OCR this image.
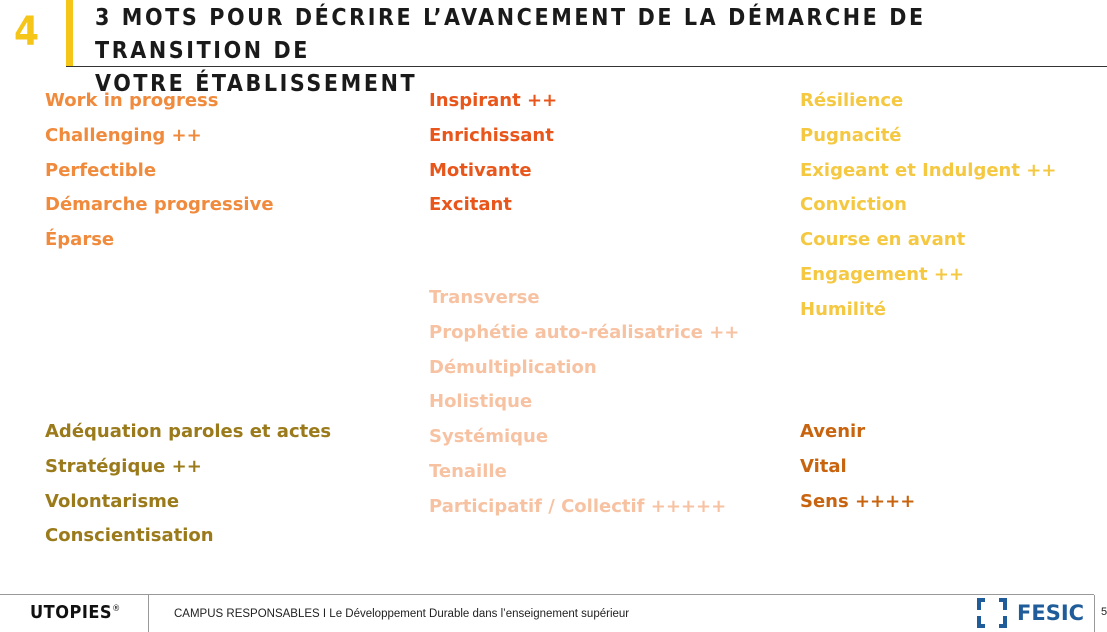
4 3 MOTS POUR DÉCRIRE L’AVANCEMENT DE LA DÉMARCHE DE TRANSITION DE
VOTRE ÉTABLISSEMENT
Work in progress
Challenging ++
Perfectible
Démarche progressive
Éparse
Inspirant ++
Enrichissant
Motivante
Excitant
Résilience
Pugnacité
Exigeant et Indulgent ++
Conviction
Course en avant
Engagement ++
Humilité
Transverse
Prophétie auto-réalisatrice ++
Démultiplication
Holistique
Systémique
Tenaille
Participatif / Collectif +++++
Adéquation paroles et actes
Stratégique ++
Volontarisme
Conscientisation
Avenir
Vital
Sens ++++
UTOPIES®	CAMPUS RESPONSABLES I Le Développement Durable dans l’enseignement supérieur	FESIC 5
